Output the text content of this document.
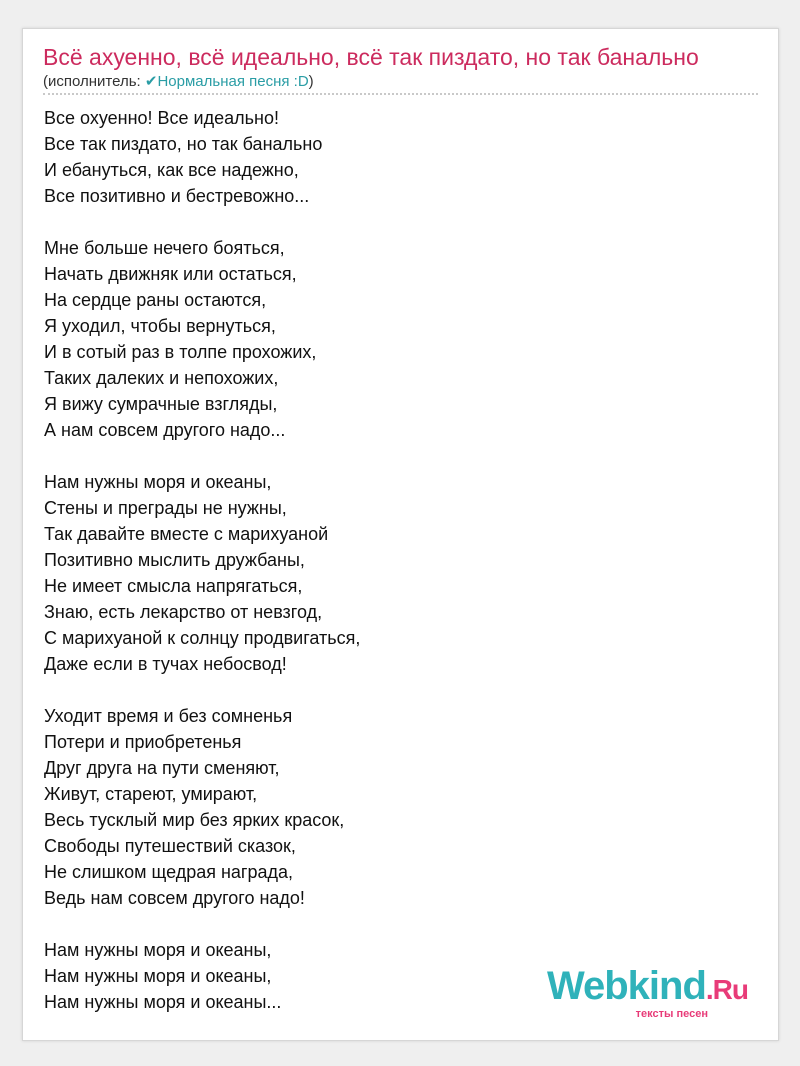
Всё ахуенно, всё идеально, всё так пиздато, но так банально
(исполнитель: ✔Нормальная песня :D)
Все охуенно! Все идеально!
Все так пиздато, но так банально
И ебануться, как все надежно,
Все позитивно и бестревожно...
Мне больше нечего бояться,
Начать движняк или остаться,
На сердце раны остаются,
Я уходил, чтобы вернуться,
И в сотый раз в толпе прохожих,
Таких далеких и непохожих,
Я вижу сумрачные взгляды,
А нам совсем другого надо...
Нам нужны моря и океаны,
Стены и преграды не нужны,
Так давайте вместе с марихуаной
Позитивно мыслить дружбаны,
Не имеет смысла напрягаться,
Знаю, есть лекарство от невзгод,
С марихуаной к солнцу продвигаться,
Даже если в тучах небосвод!
Уходит время и без сомненья
Потери и приобретенья
Друг друга на пути сменяют,
Живут, стареют, умирают,
Весь тусклый мир без ярких красок,
Свободы путешествий сказок,
Не слишком щедрая награда,
Ведь нам совсем другого надо!
Нам нужны моря и океаны,
Нам нужны моря и океаны,
Нам нужны моря и океаны...	Webkind.Ru
тексты песен
